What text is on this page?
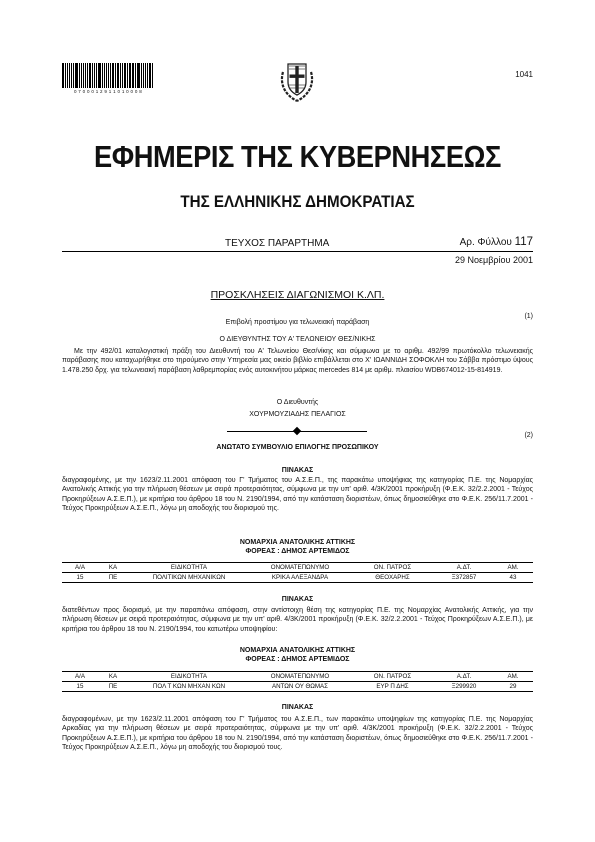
0 7 0 0 0 1 2 9 1 1 0 1 0 0 0 8
1041
ΕΦΗΜΕΡΙΣ ΤΗΣ ΚΥΒΕΡΝΗΣΕΩΣ
ΤΗΣ ΕΛΛΗΝΙΚΗΣ ΔΗΜΟΚΡΑΤΙΑΣ
ΤΕΥΧΟΣ ΠΑΡΑΡΤΗΜΑ	Αρ. Φύλλου 117
29 Νοεμβρίου 2001
ΠΡΟΣΚΛΗΣΕΙΣ ΔΙΑΓΩΝΙΣΜΟΙ Κ.ΛΠ.
(1)
Επιβολή προστίμου για τελωνειακή παράβαση
Ο ΔΙΕΥΘΥΝΤΗΣ ΤΟΥ Α' ΤΕΛΩΝΕΙΟΥ ΘΕΣ/ΝΙΚΗΣ
Με την 492/01 καταλογιστική πράξη του Διευθυντή του Α' Τελωνείου Θεσ/νίκης και σύμφωνα με το αριθμ. 492/99 πρωτόκολλο τελωνειακής παράβασης που καταχωρήθηκε στο τηρούμενο στην Υπηρεσία μας οικείο βιβλίο επιβάλλεται στο Χ' ΙΩΑΝΝΙΔΗ ΣΟΦΟΚΛΗ του Σάββα πρόστιμο ύψους 1.478.250 δρχ. για τελωνειακή παράβαση λαθρεμπορίας ενός αυτοκινήτου μάρκας mercedes 814 με αριθμ. πλαισίου WDB674012-15-814919.
Ο Διευθυντής
ΧΟΥΡΜΟΥΖΙΑΔΗΣ ΠΕΛΑΓΙΟΣ
(2)
ΑΝΩΤΑΤΟ ΣΥΜΒΟΥΛΙΟ ΕΠΙΛΟΓΗΣ ΠΡΟΣΩΠΙΚΟΥ
ΠΙΝΑΚΑΣ
διαγραφομένης, με την 1623/2.11.2001 απόφαση του Γ' Τμήματος του Α.Σ.Ε.Π., της παρακάτω υποψήφιας της κατηγορίας Π.Ε. της Νομαρχίας Ανατολικής Αττικής για την πλήρωση θέσεων με σειρά προτεραιότητας, σύμφωνα με την υπ' αριθ. 4/3Κ/2001 προκήρυξη (Φ.Ε.Κ. 32/2.2.2001 - Τεύχος Προκηρύξεων Α.Σ.Ε.Π.), με κριτήρια του άρθρου 18 του Ν. 2190/1994, από την κατάσταση διοριστέων, όπως δημοσιεύθηκε στο Φ.Ε.Κ. 256/11.7.2001 - Τεύχος Προκηρύξεων Α.Σ.Ε.Π., λόγω μη αποδοχής του διορισμού της.
ΝΟΜΑΡΧΙΑ ΑΝΑΤΟΛΙΚΗΣ ΑΤΤΙΚΗΣ
ΦΟΡΕΑΣ : ΔΗΜΟΣ ΑΡΤΕΜΙΔΟΣ
Α/Α	ΚΑ	ΕΙΔΙΚΟΤΗΤΑ	ΟΝΟΜΑΤΕΠΩΝΥΜΟ	ΟΝ. ΠΑΤΡΟΣ	Α.ΔΤ.	ΑΜ.
15	ΠΕ	ΠΟΛΙΤΙΚΩΝ ΜΗΧΑΝΙΚΩΝ	ΚΡΙΚΑ ΑΛΕΞΑΝΔΡΑ	ΘΕΟΧΑΡΗΣ	Ξ372857	43
ΠΙΝΑΚΑΣ
διατεθέντων προς διορισμό, με την παραπάνω απόφαση, στην αντίστοιχη θέση της κατηγορίας Π.Ε. της Νομαρχίας Ανατολικής Αττικής, για την πλήρωση θέσεων με σειρά προτεραιότητας, σύμφωνα με την υπ' αριθ. 4/3Κ/2001 προκήρυξη (Φ.Ε.Κ. 32/2.2.2001 - Τεύχος Προκηρύξεων Α.Σ.Ε.Π.), με κριτήρια του άρθρου 18 του Ν. 2190/1994, του κατωτέρω υποψηφίου:
ΝΟΜΑΡΧΙΑ ΑΝΑΤΟΛΙΚΗΣ ΑΤΤΙΚΗΣ
ΦΟΡΕΑΣ : ΔΗΜΟΣ ΑΡΤΕΜΙΔΟΣ
Α/Α	ΚΑ	ΕΙΔΙΚΟΤΗΤΑ	ΟΝΟΜΑΤΕΠΩΝΥΜΟ	ΟΝ. ΠΑΤΡΟΣ	Α.ΔΤ.	ΑΜ.
15	ΠΕ	ΠΟΛ Τ ΚΩΝ ΜΗΧΑΝ ΚΩΝ	ΑΝΤΩΝ ΟΥ ΘΩΜΑΣ	ΕΥΡ Π ΔΗΣ	Ξ299920	29
ΠΙΝΑΚΑΣ
διαγραφομένων, με την 1623/2.11.2001 απόφαση του Γ' Τμήματος του Α.Σ.Ε.Π., των παρακάτω υποψηφίων της κατηγορίας Π.Ε. της Νομαρχίας Αρκαδίας για την πλήρωση θέσεων με σειρά προτεραιότητας, σύμφωνα με την υπ' αριθ. 4/3Κ/2001 προκήρυξη (Φ.Ε.Κ. 32/2.2.2001 - Τεύχος Προκηρύξεων Α.Σ.Ε.Π.), με κριτήρια του άρθρου 18 του Ν. 2190/1994, από την κατάσταση διοριστέων, όπως δημοσιεύθηκε στο Φ.Ε.Κ. 256/11.7.2001 - Τεύχος Προκηρύξεων Α.Σ.Ε.Π., λόγω μη αποδοχής του διορισμού τους.
